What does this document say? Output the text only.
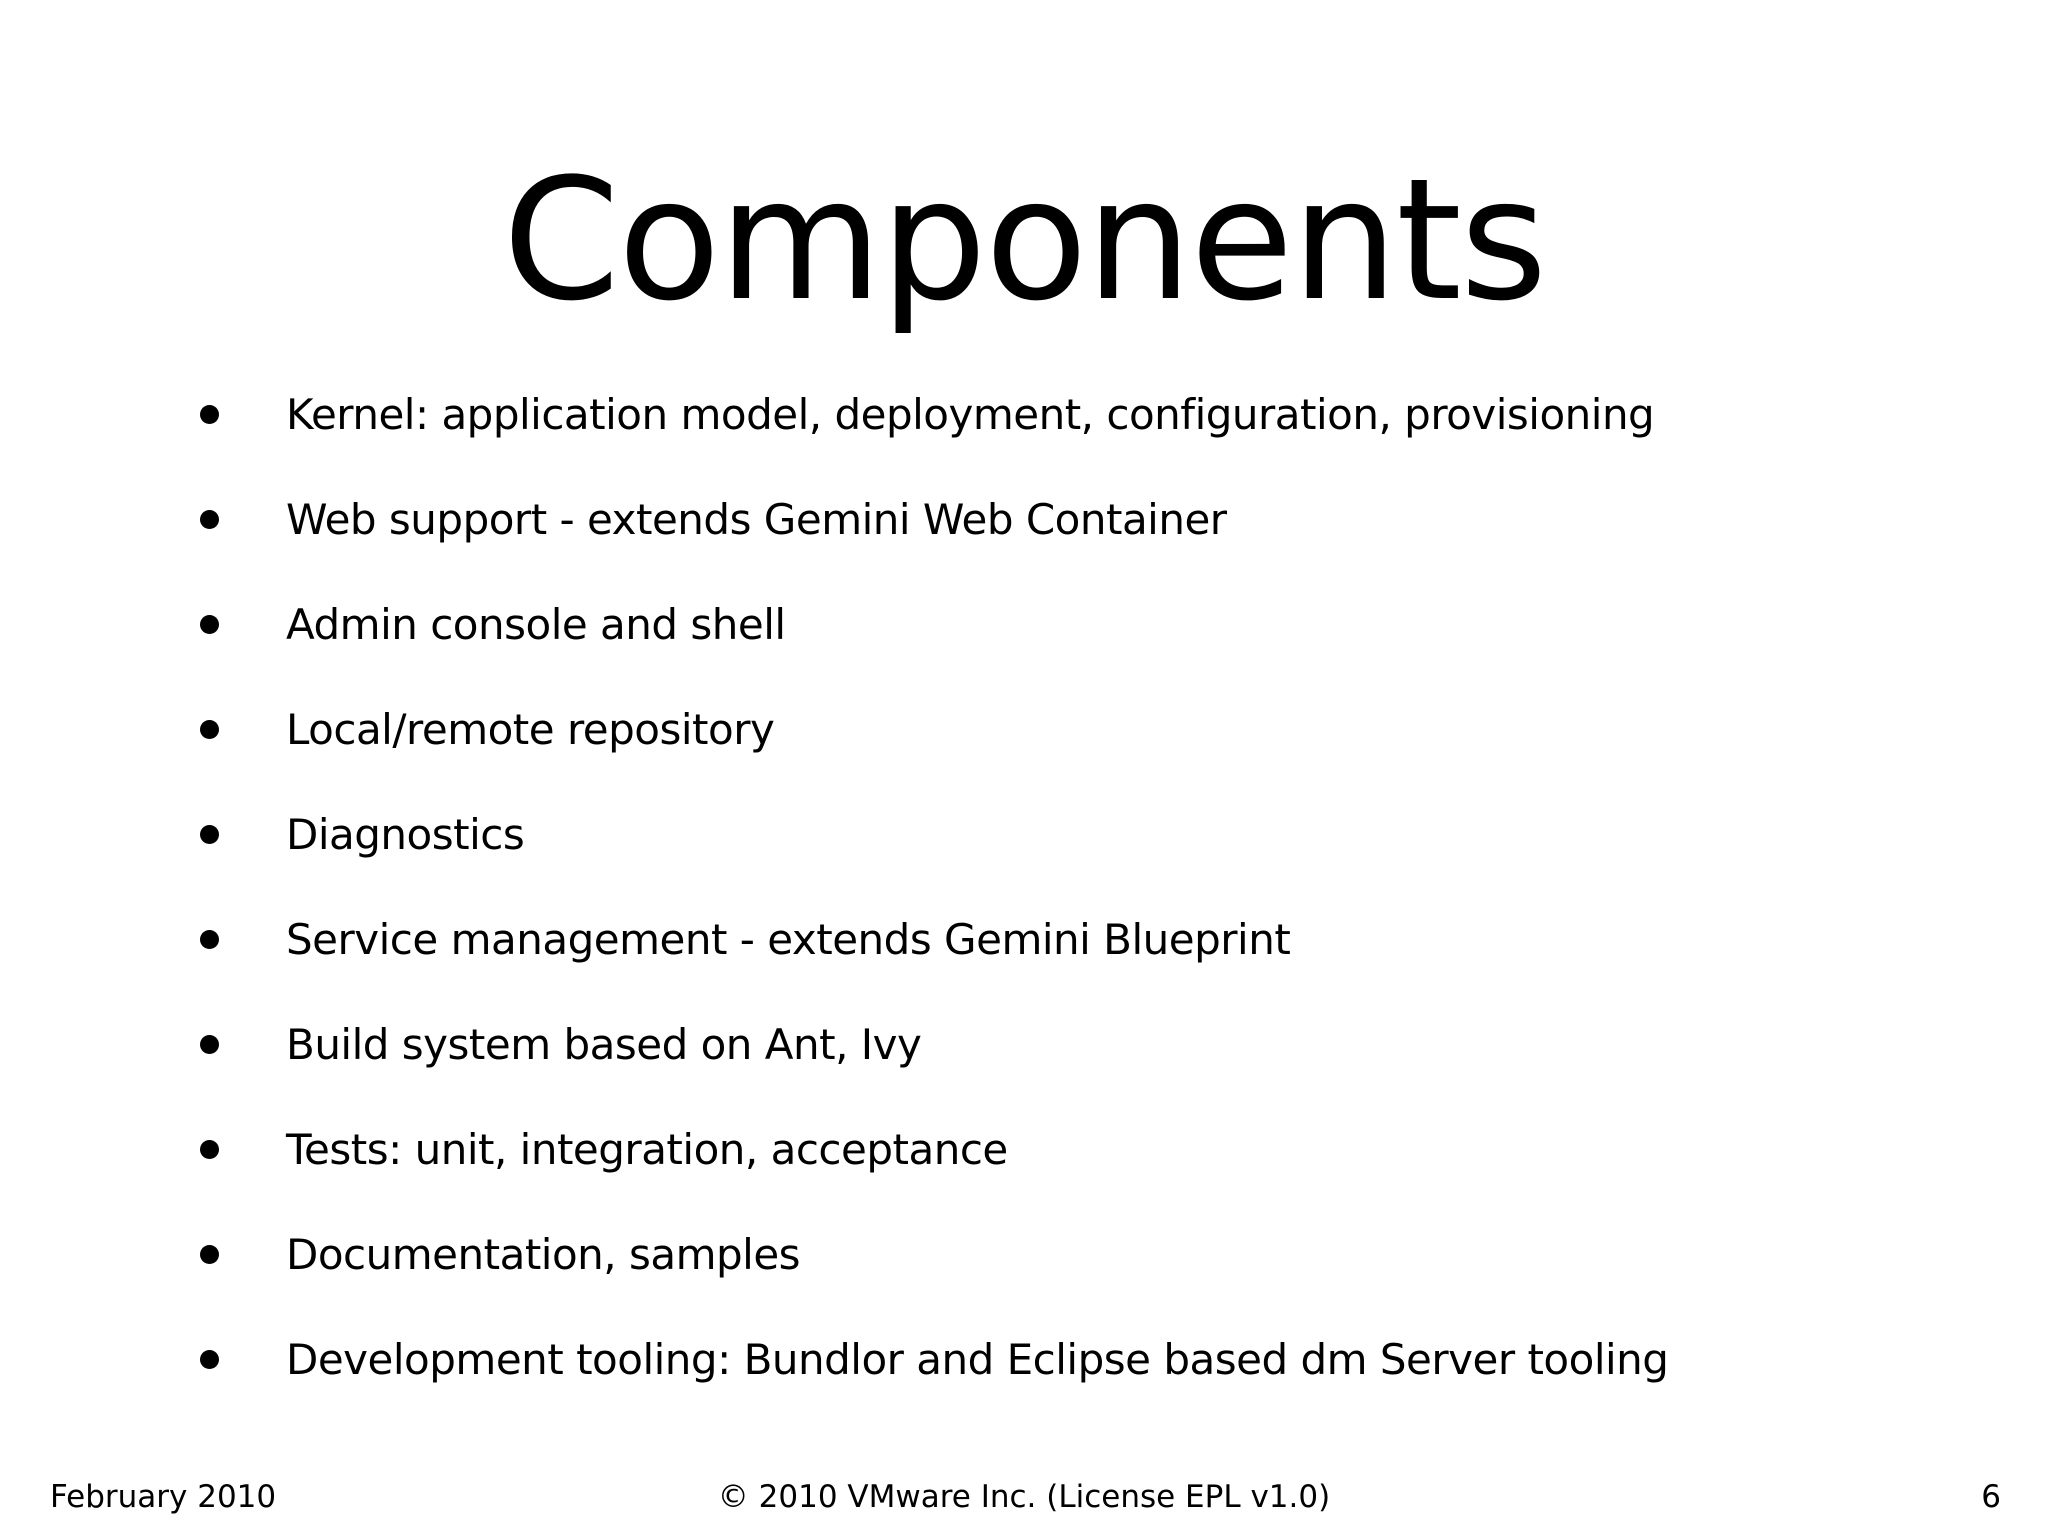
Components
Kernel: application model, deployment, configuration, provisioning
Web support - extends Gemini Web Container
Admin console and shell
Local/remote repository
Diagnostics
Service management - extends Gemini Blueprint
Build system based on Ant, Ivy
Tests: unit, integration, acceptance
Documentation, samples
Development tooling: Bundlor and Eclipse based dm Server tooling
February 2010	© 2010 VMware Inc. (License EPL v1.0)	6
